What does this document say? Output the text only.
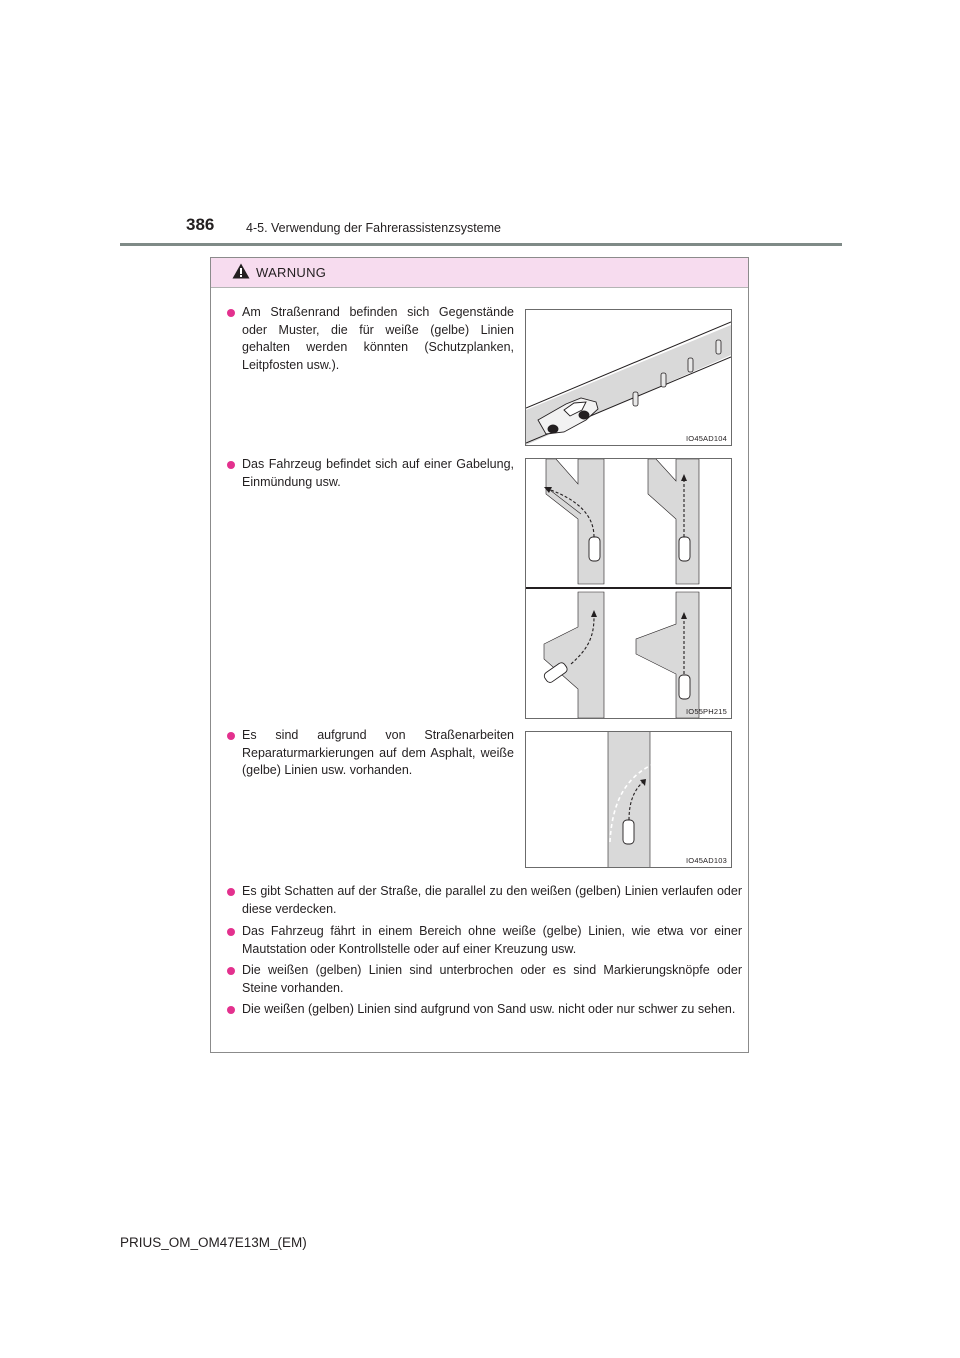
386	4-5. Verwendung der Fahrerassistenzsysteme
WARNUNG
Am Straßenrand befinden sich Gegenstände oder Muster, die für weiße (gelbe) Linien gehalten werden könnten (Schutzplanken, Leitpfosten usw.).
IO45AD104
Das Fahrzeug befindet sich auf einer Gabelung, Einmündung usw.
IO55PH215
Es sind aufgrund von Straßenarbeiten Reparaturmarkierungen auf dem Asphalt, weiße (gelbe) Linien usw. vorhanden.
IO45AD103
Es gibt Schatten auf der Straße, die parallel zu den weißen (gelben) Linien verlaufen oder diese verdecken.
Das Fahrzeug fährt in einem Bereich ohne weiße (gelbe) Linien, wie etwa vor einer Mautstation oder Kontrollstelle oder auf einer Kreuzung usw.
Die weißen (gelben) Linien sind unterbrochen oder es sind Markierungsknöpfe oder Steine vorhanden.
Die weißen (gelben) Linien sind aufgrund von Sand usw. nicht oder nur schwer zu sehen.
PRIUS_OM_OM47E13M_(EM)
